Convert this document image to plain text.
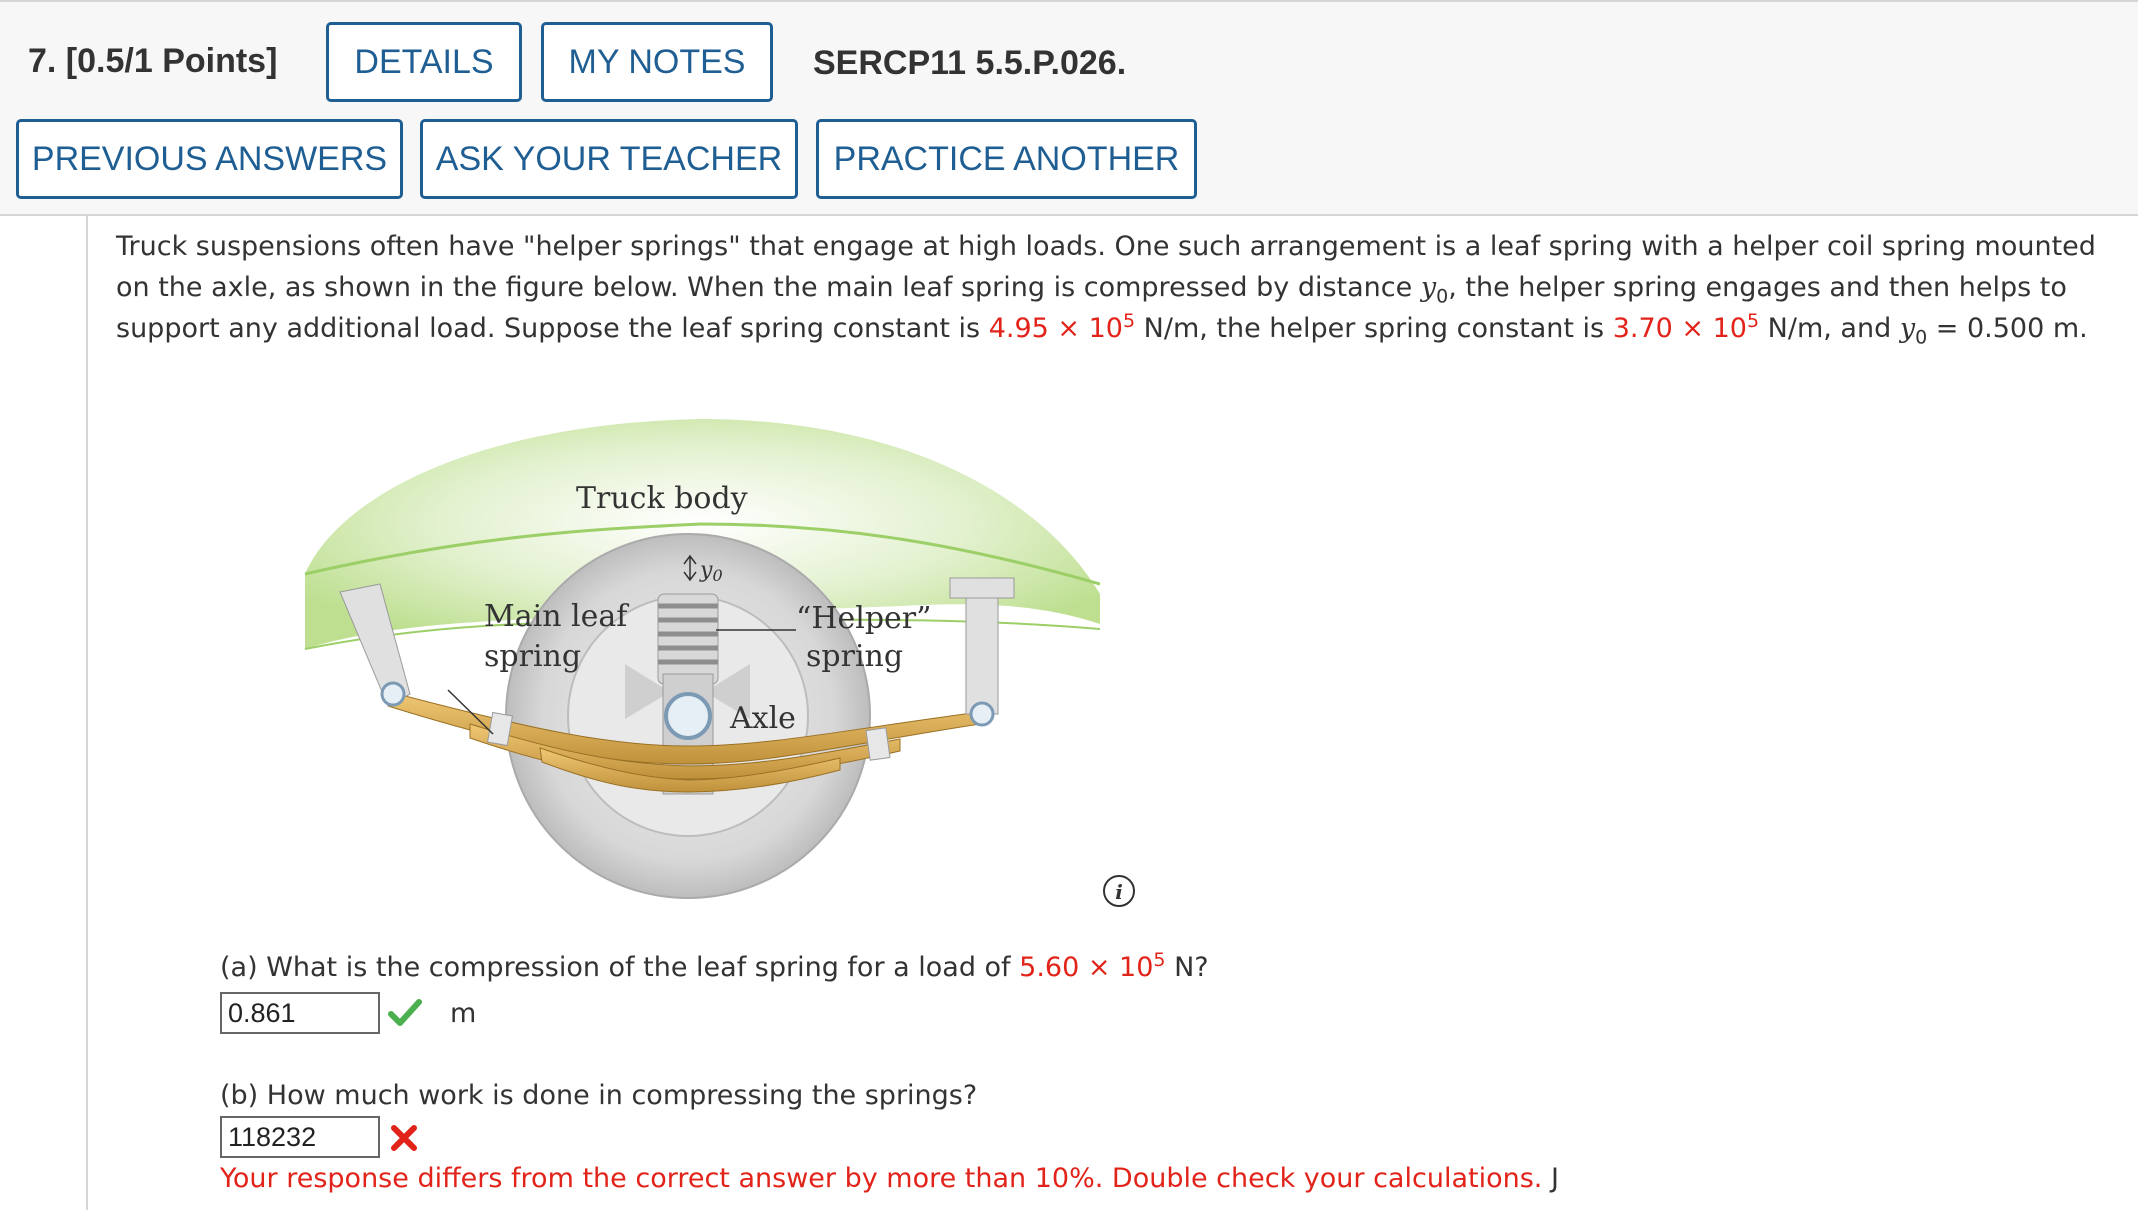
7. [0.5/1 Points]	DETAILS	MY NOTES	SERCP11 5.5.P.026.
PREVIOUS ANSWERS	ASK YOUR TEACHER	PRACTICE ANOTHER
Truck suspensions often have "helper springs" that engage at high loads. One such arrangement is a leaf spring with a helper coil spring mounted on the axle, as shown in the figure below. When the main leaf spring is compressed by distance $y_0$, the helper spring engages and then helps to support any additional load. Suppose the leaf spring constant is $4.95 \times 10^5$ N/m, the helper spring constant is $3.70 \times 10^5$ N/m, and $y_0 = 0.500$ m.
Truck body
y0
Main leaf
spring
“Helper”
spring
Axle
i
(a) What is the compression of the leaf spring for a load of $5.60 \times 10^5$ N?
0.861	m
(b) How much work is done in compressing the springs?
118232
Your response differs from the correct answer by more than 10%. Double check your calculations. J
